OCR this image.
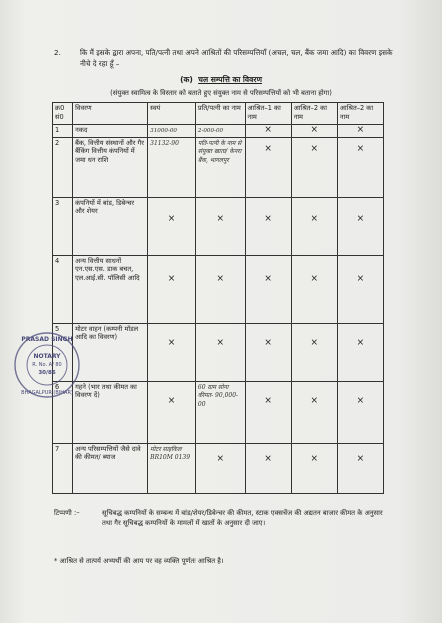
2.	कि मैं इसके द्वारा अपना, पति/पत्नी तथा अपने आश्रितों की परिसम्पत्तियाँ (अचल, चल, बैंक जमा आदि) का विवरण इसके नीचे दे रहा हूँ –
(क) चल सम्पत्ति का विवरण
(संयुक्त स्वामित्व के विस्तार को बताते हुए संयुक्त नाम से परिसम्पत्तियों को भी बताना होगा)
क्र0 सं0	विवरण	स्वयं	प्रति/पत्नी का नाम	आश्रित–1 का नाम	आश्रित–2 का नाम	आश्रित–2 का नाम
1	नकद	31000-00	2-000-00	×	×	×

2	बैंक, वित्तीय संस्थानों और गैर बैंकिंग वित्तीय कंपनियों में जमा धन राशि	31132-90	पति-पत्नी के नाम से संयुक्त खाता/ केनरा बैंक, भागलपुर	×	×	×

3	कंपनियों में बांड, डिबेन्चर और शेयर	×	×	×	×	×

4	अन्य वित्तीय साधनों एन.एस.एस. डाक बचत, एल.आई.सी. पॉलिसी आदि	×	×	×	×	×

5	मोटर वाहन (कम्पनी मॉडल आदि का विवरण)	×	×	×	×	×

6	गहने (भार तथा कीमत का विवरण दें)	×	60 ग्राम सोना कीमत- 90,000-00	×	×	×

7	अन्य परिसम्पत्तियों जैसे दावे की कीमत/ ब्याज	मोटर साइकिल BR10M 0139	×	×	×	×
PRASAD SINGH
NOTARY
R. No. A/ 80
30/86
BHAGALPUR (BIHAR)
टिप्पणी :–	सूचिबद्ध कम्पनियों के सम्बन्ध में बांड/शेयर/डिबेन्चर की कीमत, स्टाक एक्सचेंज की अद्यतन बाजार कीमत के अनुसार तथा गैर सूचिबद्ध कम्पनियों के मामलों में खातों के अनुसार दी जाए।
* आश्रित से तात्पर्य अभ्यर्थी की आय पर वह व्यक्ति पूर्णतः आश्रित है।
